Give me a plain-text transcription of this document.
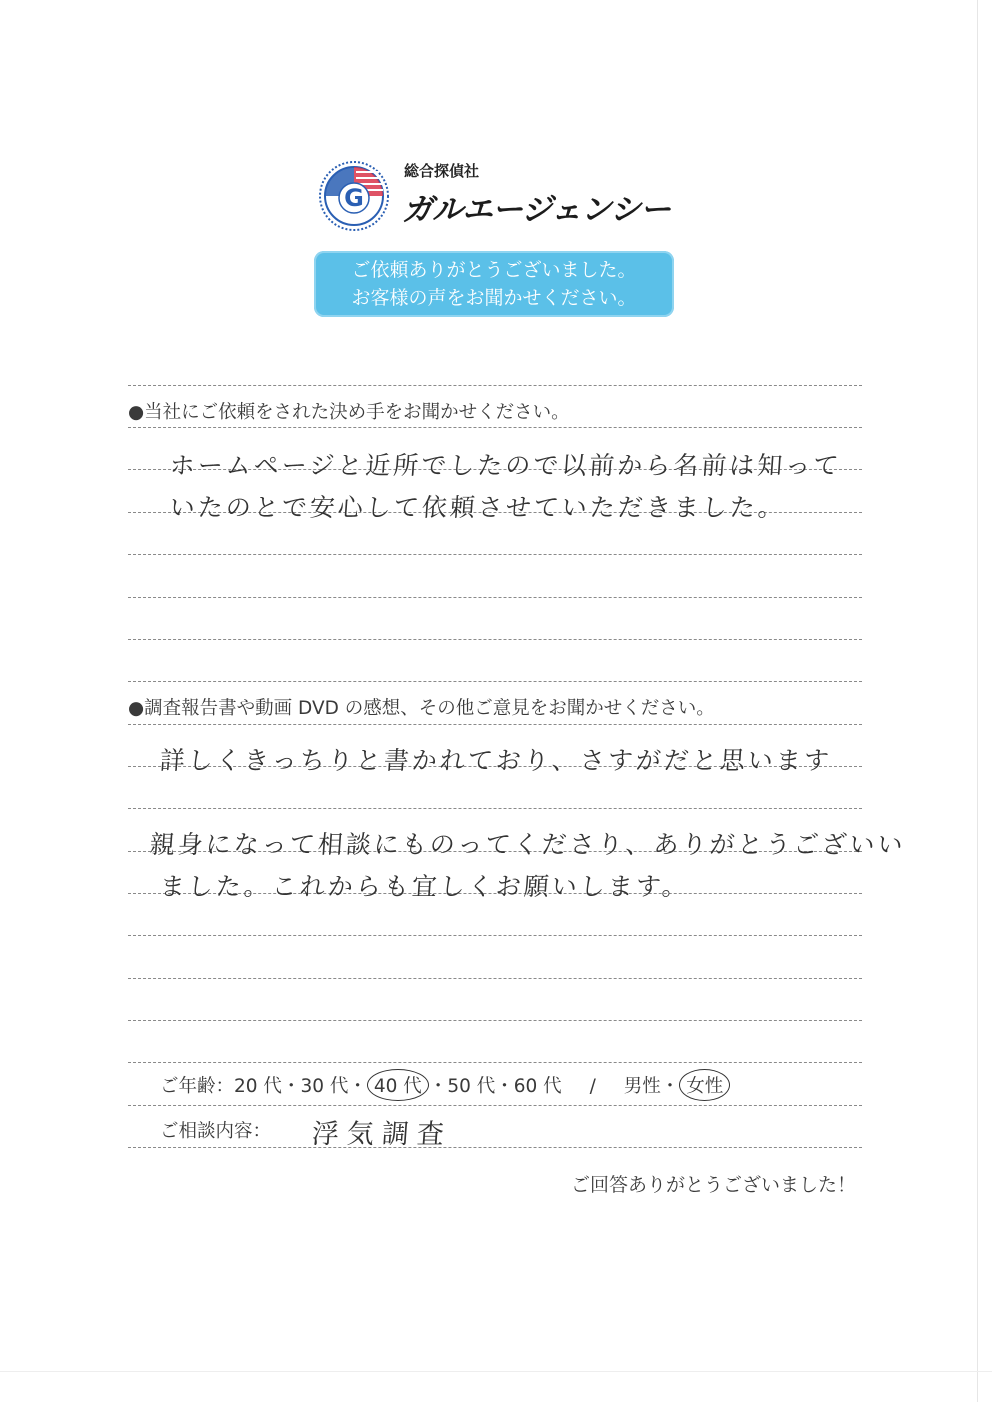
G
総合探偵社
ガルエージェンシー
ご依頼ありがとうございました。
お客様の声をお聞かせください。
●当社にご依頼をされた決め手をお聞かせください。
ホームページと近所でしたので以前から名前は知って
いたのとで安心して依頼させていただきました。
●調査報告書や動画 DVD の感想、その他ご意見をお聞かせください。
詳しくきっちりと書かれており、さすがだと思います
親身になって相談にものってくださり、ありがとうございい
ました。これからも宜しくお願いします。
ご年齢：20 代・30 代・ 40 代 ・50 代・60 代 / 男性・ 女性
ご相談内容： 浮気調査
ご回答ありがとうございました！
